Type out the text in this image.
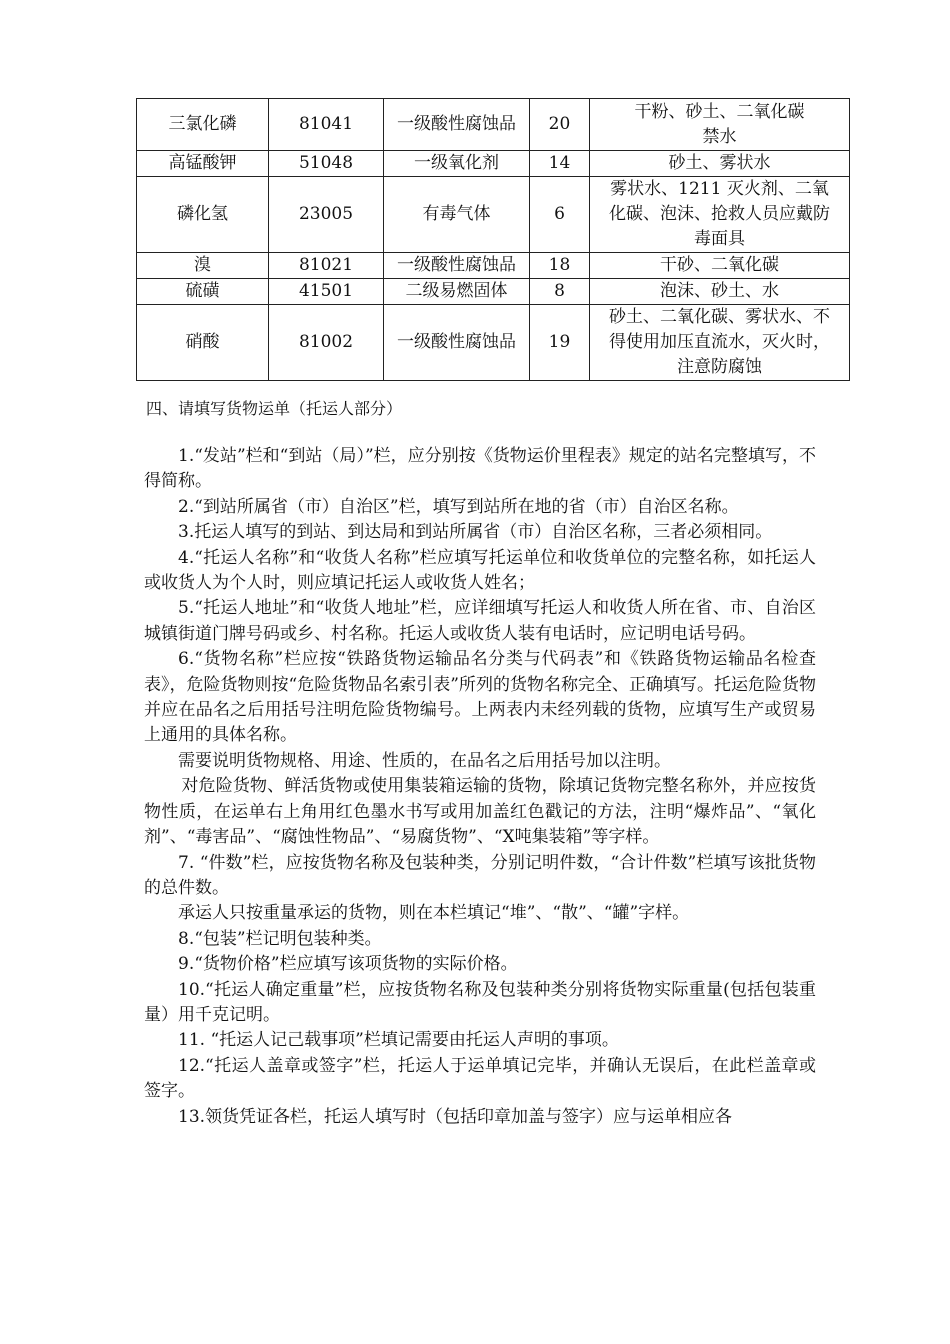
三氯化磷	81041	一级酸性腐蚀品	20	干粉、砂土、二氧化碳
禁水

高锰酸钾	51048	一级氧化剂	14	砂土、雾状水

磷化氢	23005	有毒气体	6	雾状水、1211 灭火剂、二氧
化碳、泡沫、抢救人员应戴防
毒面具

溴	81021	一级酸性腐蚀品	18	干砂、二氧化碳

硫磺	41501	二级易燃固体	8	泡沫、砂土、水

硝酸	81002	一级酸性腐蚀品	19	砂土、二氧化碳、雾状水、不
得使用加压直流水，灭火时，
注意防腐蚀
四、请填写货物运单（托运人部分）

1.“发站”栏和“到站（局）”栏，应分别按《货物运价里程表》规定的站名完整填写，不得简称。

2.“到站所属省（市）自治区”栏，填写到站所在地的省（市）自治区名称。

3.托运人填写的到站、到达局和到站所属省（市）自治区名称，三者必须相同。

4.“托运人名称”和“收货人名称”栏应填写托运单位和收货单位的完整名称，如托运人或收货人为个人时，则应填记托运人或收货人姓名；

5.“托运人地址”和“收货人地址”栏，应详细填写托运人和收货人所在省、市、自治区城镇街道门牌号码或乡、村名称。托运人或收货人装有电话时，应记明电话号码。

6.“货物名称”栏应按“铁路货物运输品名分类与代码表”和《铁路货物运输品名检查表》，危险货物则按“危险货物品名索引表”所列的货物名称完全、正确填写。托运危险货物并应在品名之后用括号注明危险货物编号。上两表内未经列载的货物，应填写生产或贸易上通用的具体名称。

需要说明货物规格、用途、性质的，在品名之后用括号加以注明。

对危险货物、鲜活货物或使用集装箱运输的货物，除填记货物完整名称外，并应按货物性质，在运单右上角用红色墨水书写或用加盖红色戳记的方法，注明“爆炸品”、“氧化剂”、“毒害品”、“腐蚀性物品”、“易腐货物”、“X吨集装箱”等字样。

7. “件数”栏，应按货物名称及包装种类，分别记明件数，“合计件数”栏填写该批货物的总件数。

承运人只按重量承运的货物，则在本栏填记“堆”、“散”、“罐”字样。

8.“包装”栏记明包装种类。

9.“货物价格”栏应填写该项货物的实际价格。

10.“托运人确定重量”栏，应按货物名称及包装种类分别将货物实际重量(包括包装重量）用千克记明。

11. “托运人记己载事项”栏填记需要由托运人声明的事项。

12.“托运人盖章或签字”栏，托运人于运单填记完毕，并确认无误后，在此栏盖章或签字。

13.领货凭证各栏，托运人填写时（包括印章加盖与签字）应与运单相应各
